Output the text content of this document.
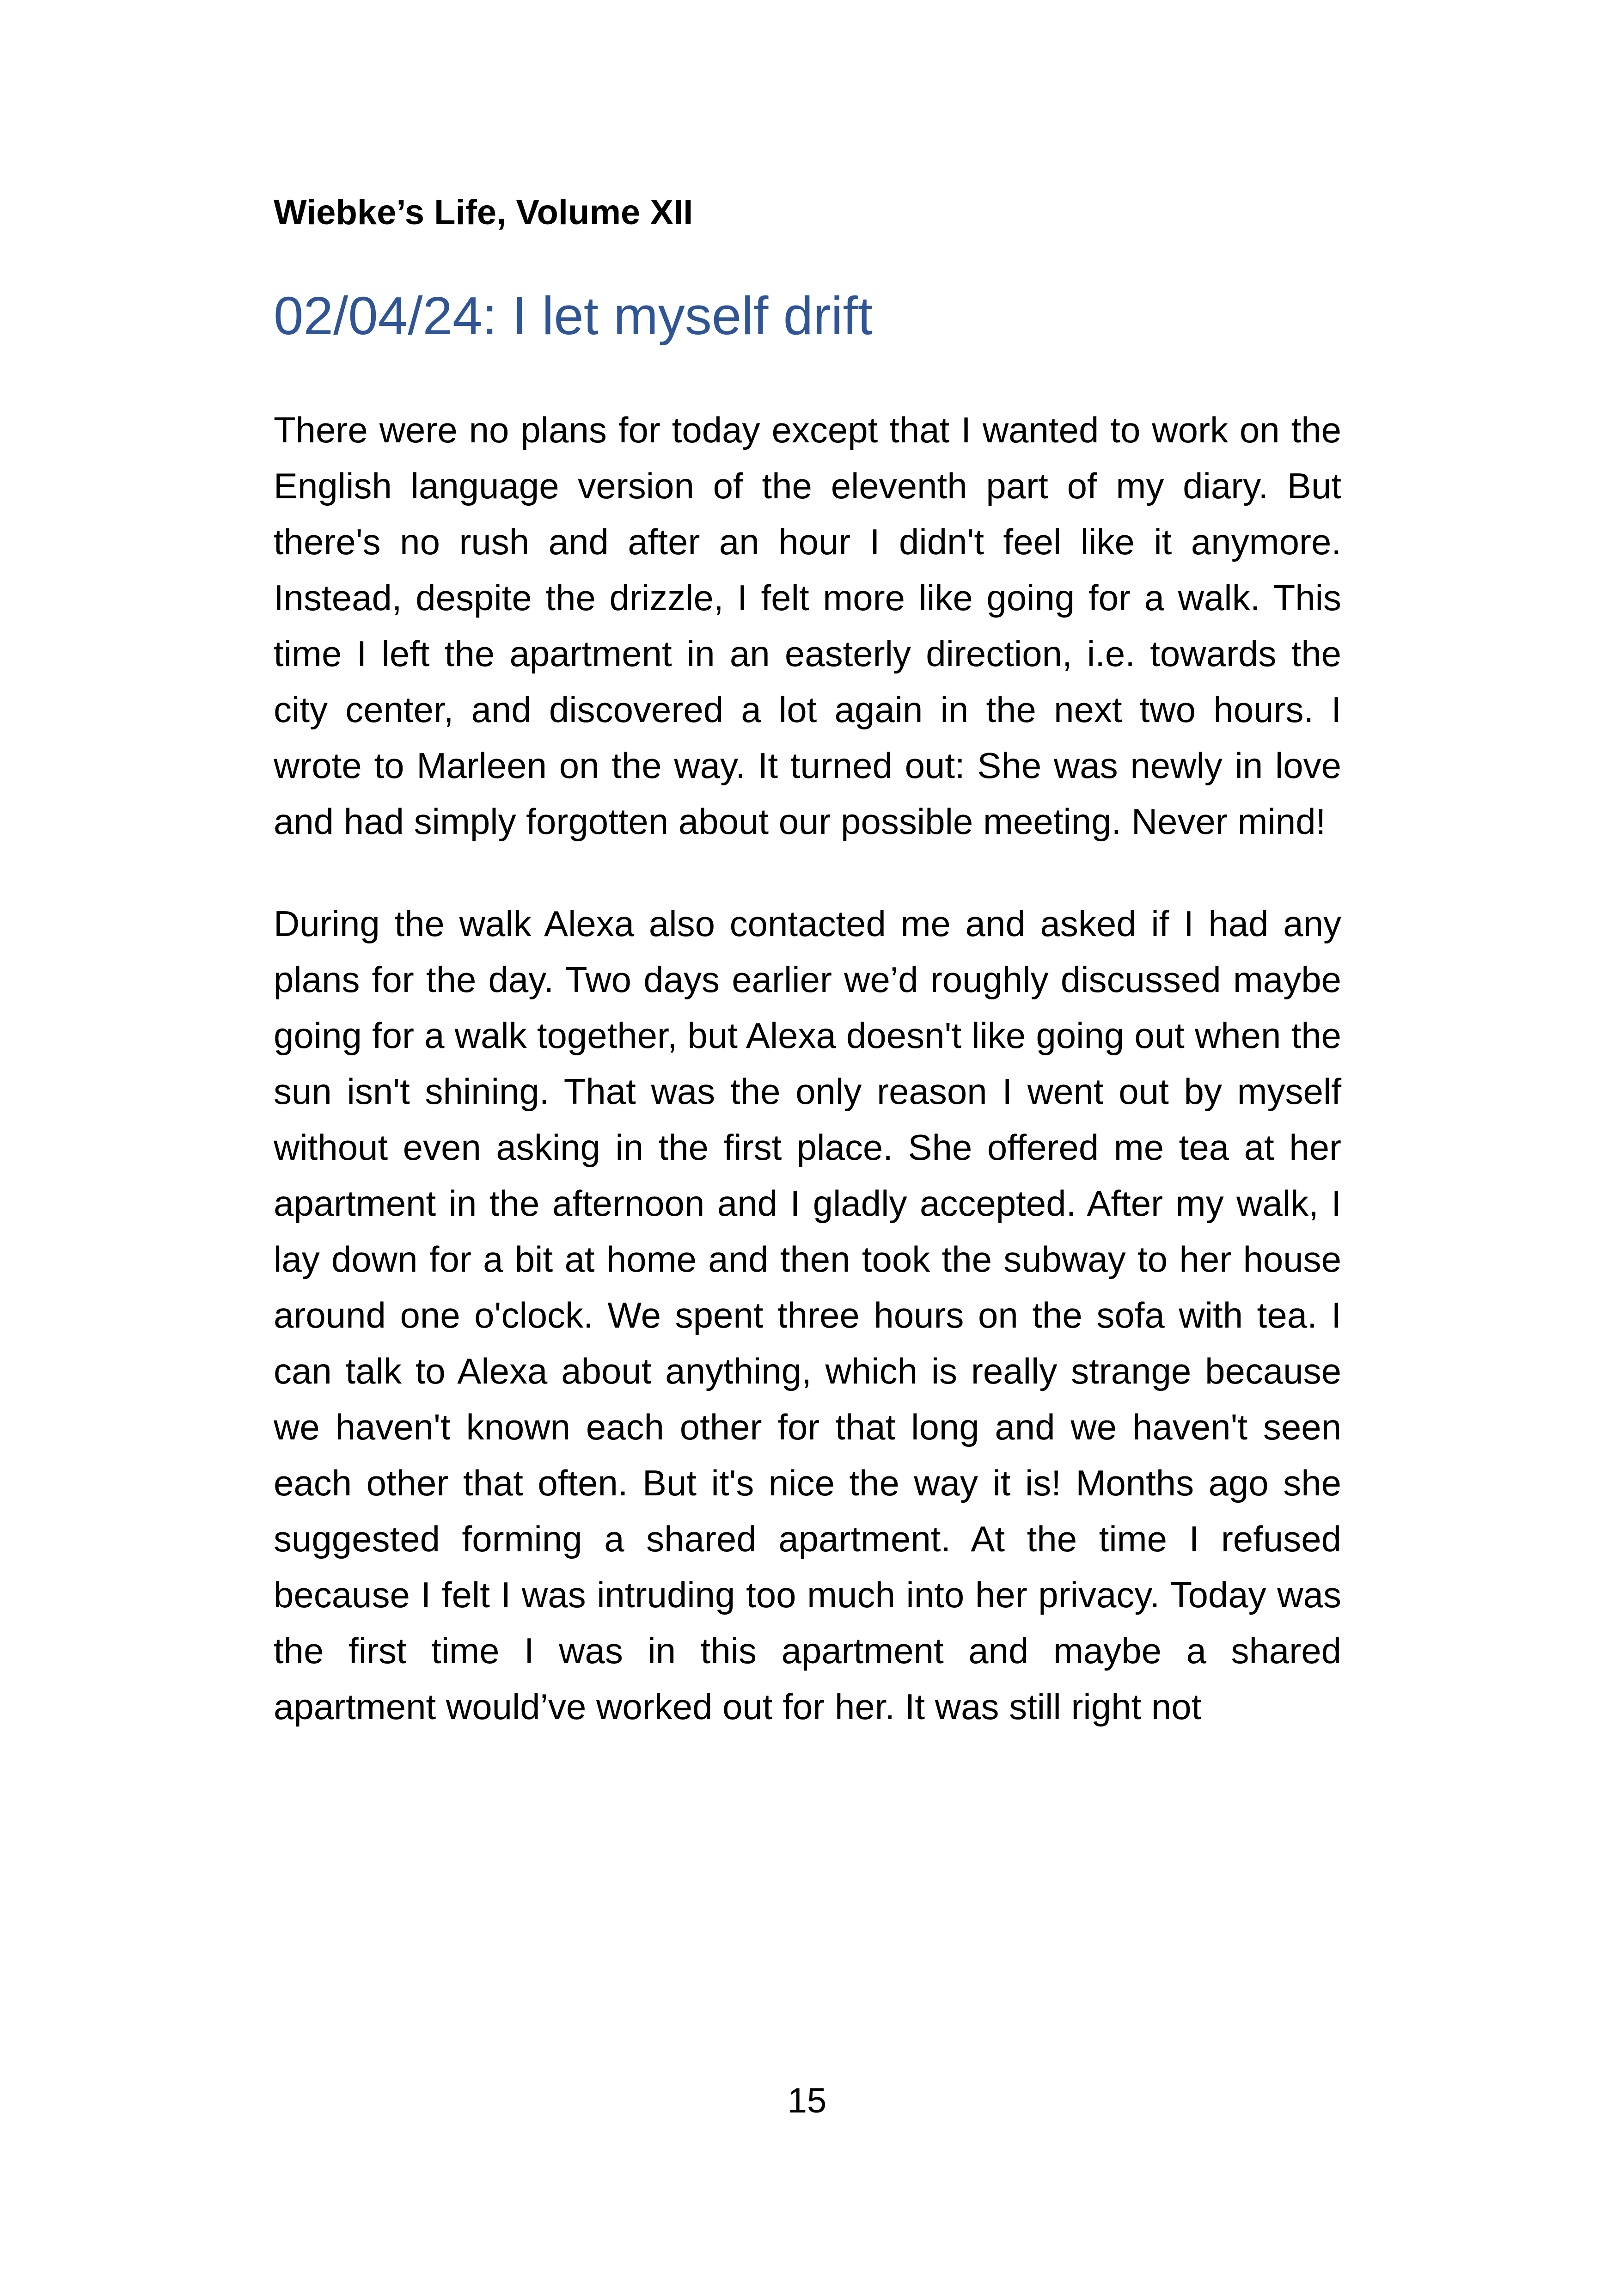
Wiebke’s Life, Volume XII
02/04/24: I let myself drift

There were no plans for today except that I wanted to work on the English language version of the eleventh part of my diary. But there's no rush and after an hour I didn't feel like it anymore. Instead, despite the drizzle, I felt more like going for a walk. This time I left the apartment in an easterly direction, i.e. towards the city center, and discovered a lot again in the next two hours. I wrote to Marleen on the way. It turned out: She was newly in love and had simply forgotten about our possible meeting. Never mind!

During the walk Alexa also contacted me and asked if I had any plans for the day. Two days earlier we’d roughly discussed maybe going for a walk together, but Alexa doesn't like going out when the sun isn't shining. That was the only reason I went out by myself without even asking in the first place. She offered me tea at her apartment in the afternoon and I gladly accepted. After my walk, I lay down for a bit at home and then took the subway to her house around one o'clock. We spent three hours on the sofa with tea. I can talk to Alexa about anything, which is really strange because we haven't known each other for that long and we haven't seen each other that often. But it's nice the way it is! Months ago she suggested forming a shared apartment. At the time I refused because I felt I was intruding too much into her privacy. Today was the first time I was in this apartment and maybe a shared apartment would’ve worked out for her. It was still right not

15
